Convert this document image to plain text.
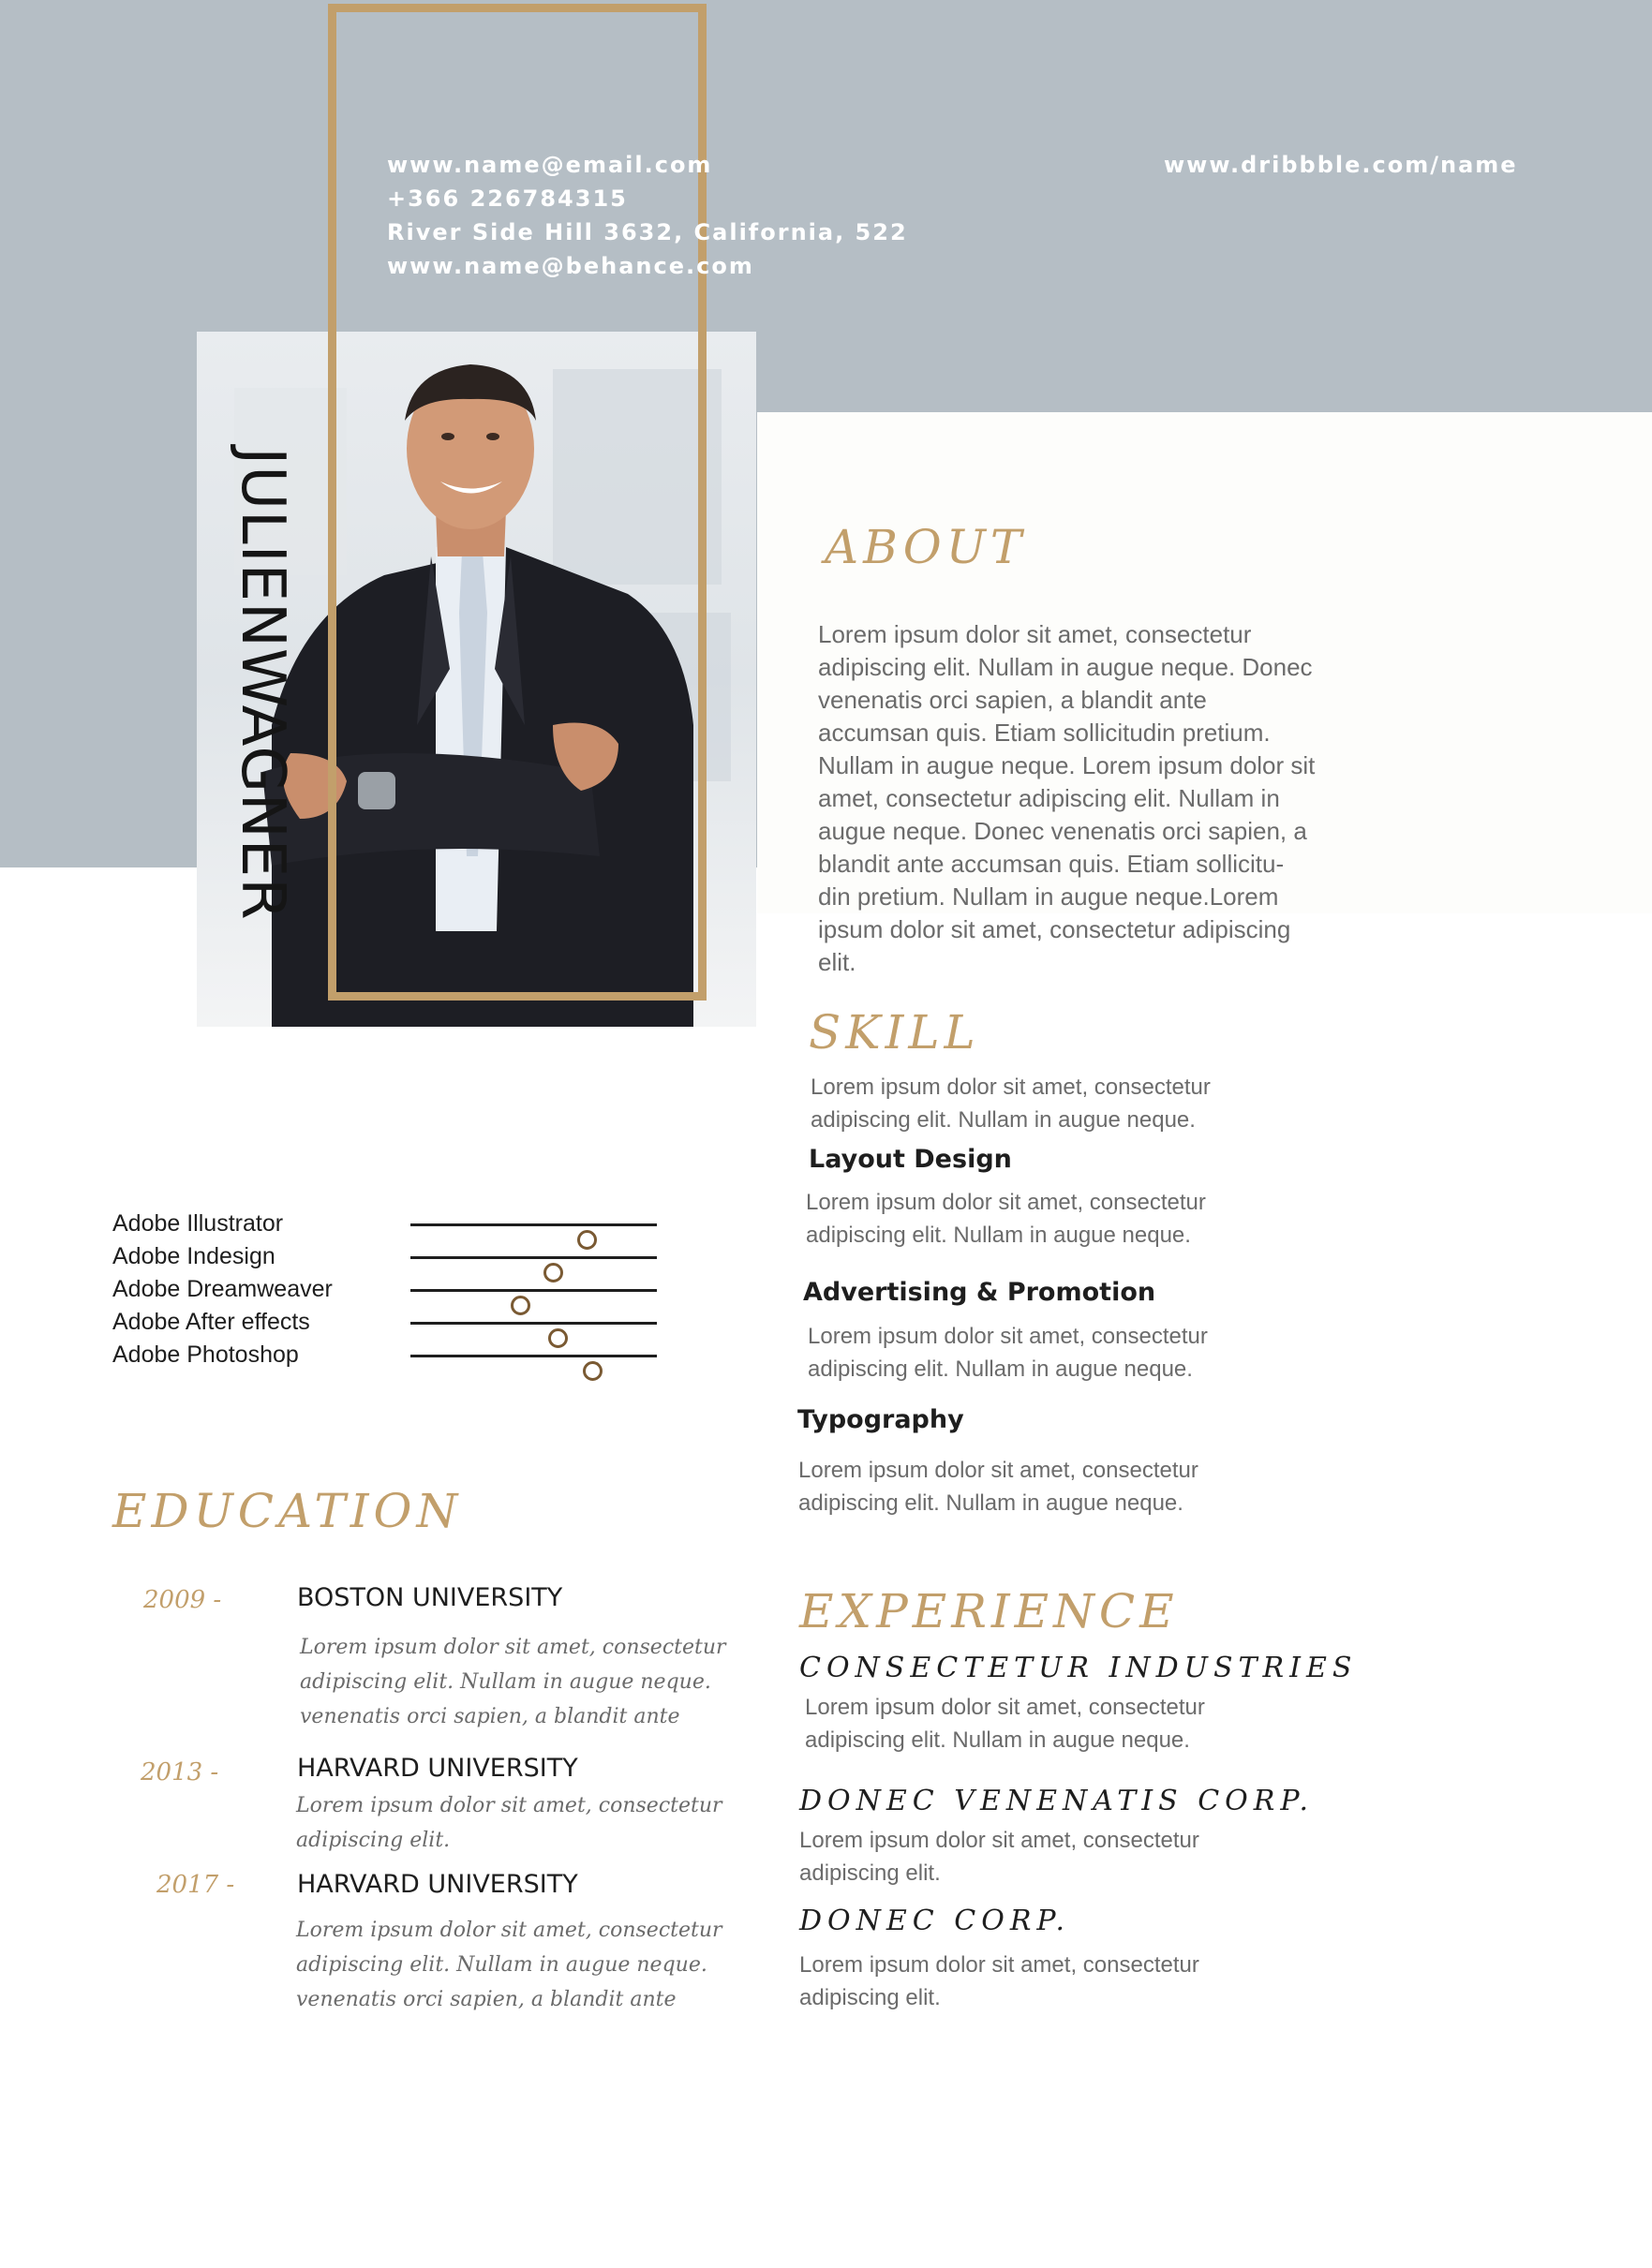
JULIENWAGNER
www.name@email.com
+366 226784315
River Side Hill 3632, California, 522
www.name@behance.com
www.dribbble.com/name
ABOUT
Lorem ipsum dolor sit amet, consectetur
adipiscing elit. Nullam in augue neque. Donec
venenatis orci sapien, a blandit ante
accumsan quis. Etiam sollicitudin pretium.
Nullam in augue neque. Lorem ipsum dolor sit
amet, consectetur adipiscing elit. Nullam in
augue neque. Donec venenatis orci sapien, a
blandit ante accumsan quis. Etiam sollicitu-
din pretium. Nullam in augue neque.Lorem
ipsum dolor sit amet, consectetur adipiscing
elit.
SKILL
Lorem ipsum dolor sit amet, consectetur
adipiscing elit. Nullam in augue neque.
Layout Design
Lorem ipsum dolor sit amet, consectetur
adipiscing elit. Nullam in augue neque.
Advertising & Promotion
Lorem ipsum dolor sit amet, consectetur
adipiscing elit. Nullam in augue neque.
Typography
Lorem ipsum dolor sit amet, consectetur
adipiscing elit. Nullam in augue neque.
Adobe Illustrator
Adobe Indesign
Adobe Dreamweaver
Adobe After effects
Adobe Photoshop
EDUCATION
2009 -	BOSTON UNIVERSITY
Lorem ipsum dolor sit amet, consectetur
adipiscing elit. Nullam in augue neque.
venenatis orci sapien, a blandit ante
2013 -	HARVARD UNIVERSITY
Lorem ipsum dolor sit amet, consectetur
adipiscing elit.
2017 - HARVARD UNIVERSITY
Lorem ipsum dolor sit amet, consectetur
adipiscing elit. Nullam in augue neque.
venenatis orci sapien, a blandit ante
EXPERIENCE
CONSECTETUR INDUSTRIES
Lorem ipsum dolor sit amet, consectetur
adipiscing elit. Nullam in augue neque.
DONEC VENENATIS CORP.
Lorem ipsum dolor sit amet, consectetur
adipiscing elit.
DONEC CORP.
Lorem ipsum dolor sit amet, consectetur
adipiscing elit.
